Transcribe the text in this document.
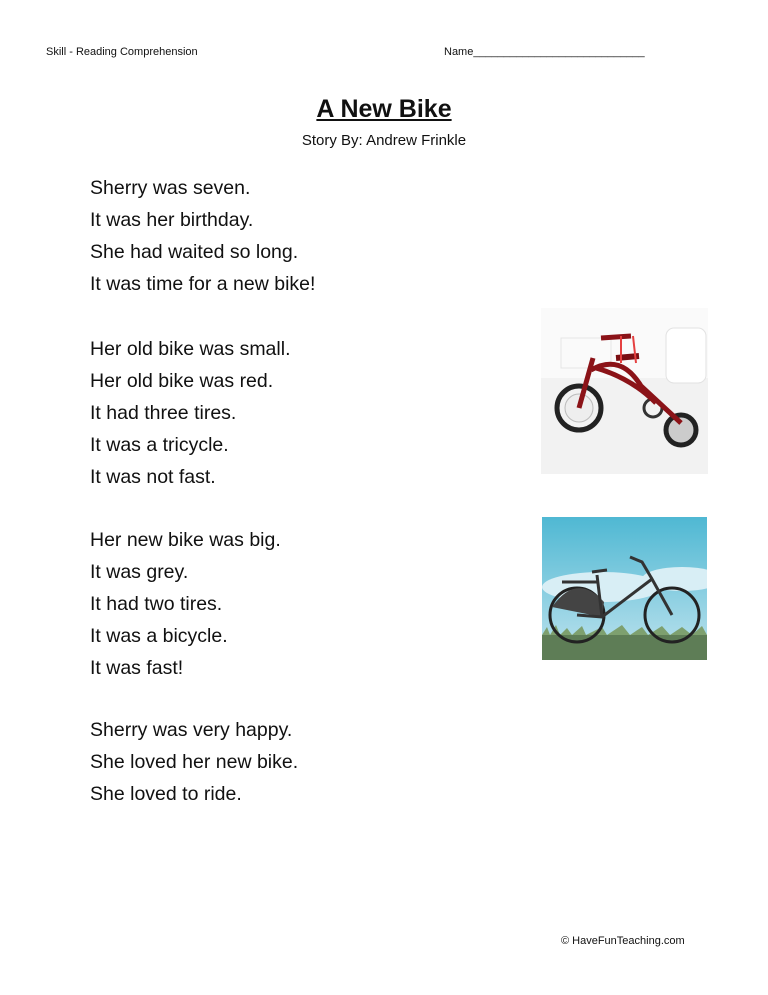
Skill - Reading Comprehension	Name____________________________
A New Bike
Story By: Andrew Frinkle
Sherry was seven.
It was her birthday.
She had waited so long.
It was time for a new bike!
Her old bike was small.
Her old bike was red.
It had three tires.
It was a tricycle.
It was not fast.
Her new bike was big.
It was grey.
It had two tires.
It was a bicycle.
It was fast!
Sherry was very happy.
She loved her new bike.
She loved to ride.
© HaveFunTeaching.com
